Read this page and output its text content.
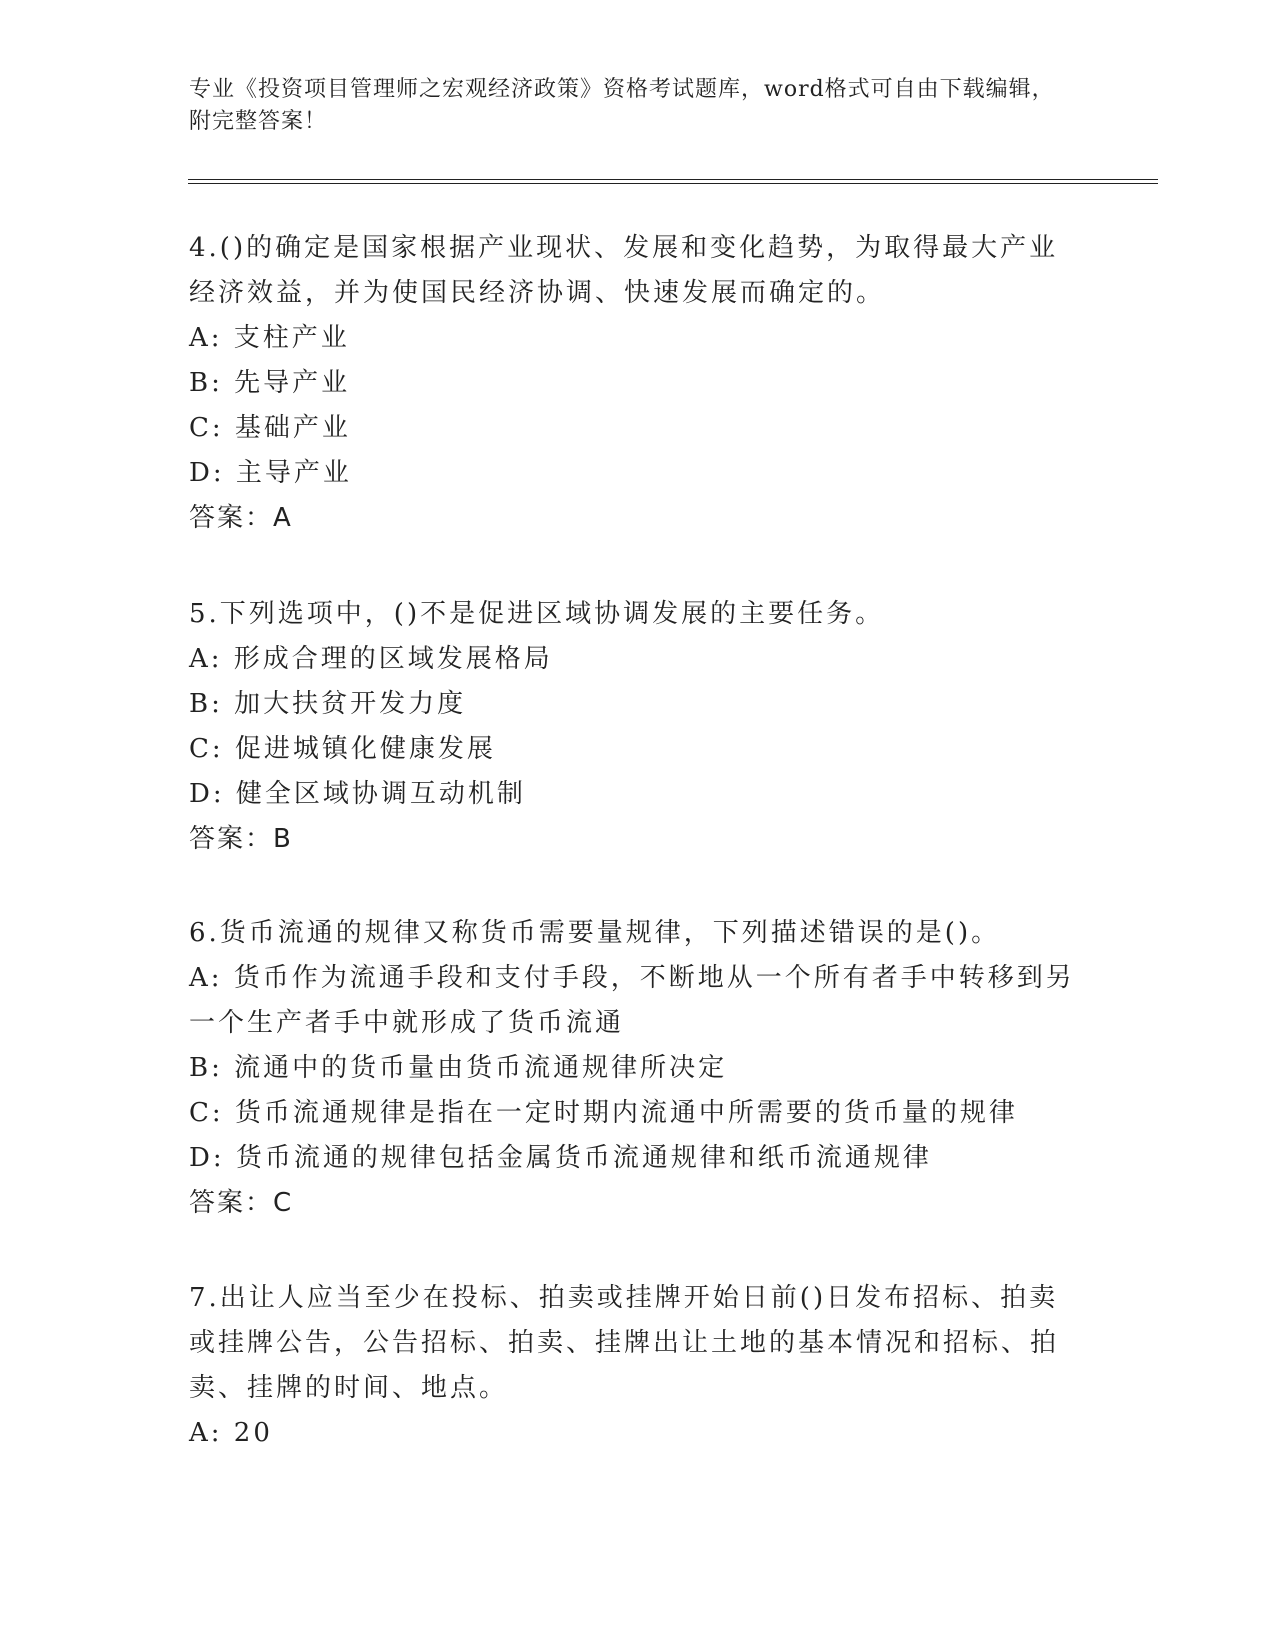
专业《投资项目管理师之宏观经济政策》资格考试题库，word格式可自由下载编辑，附完整答案！

4.()的确定是国家根据产业现状、发展和变化趋势，为取得最大产业经济效益，并为使国民经济协调、快速发展而确定的。

A: 支柱产业

B: 先导产业

C: 基础产业

D: 主导产业

答案：A

5.下列选项中，()不是促进区域协调发展的主要任务。

A: 形成合理的区域发展格局

B: 加大扶贫开发力度

C: 促进城镇化健康发展

D: 健全区域协调互动机制

答案：B

6.货币流通的规律又称货币需要量规律，下列描述错误的是()。

A: 货币作为流通手段和支付手段，不断地从一个所有者手中转移到另一个生产者手中就形成了货币流通

B: 流通中的货币量由货币流通规律所决定

C: 货币流通规律是指在一定时期内流通中所需要的货币量的规律

D: 货币流通的规律包括金属货币流通规律和纸币流通规律

答案：C

7.出让人应当至少在投标、拍卖或挂牌开始日前()日发布招标、拍卖或挂牌公告，公告招标、拍卖、挂牌出让土地的基本情况和招标、拍卖、挂牌的时间、地点。

A: 20
